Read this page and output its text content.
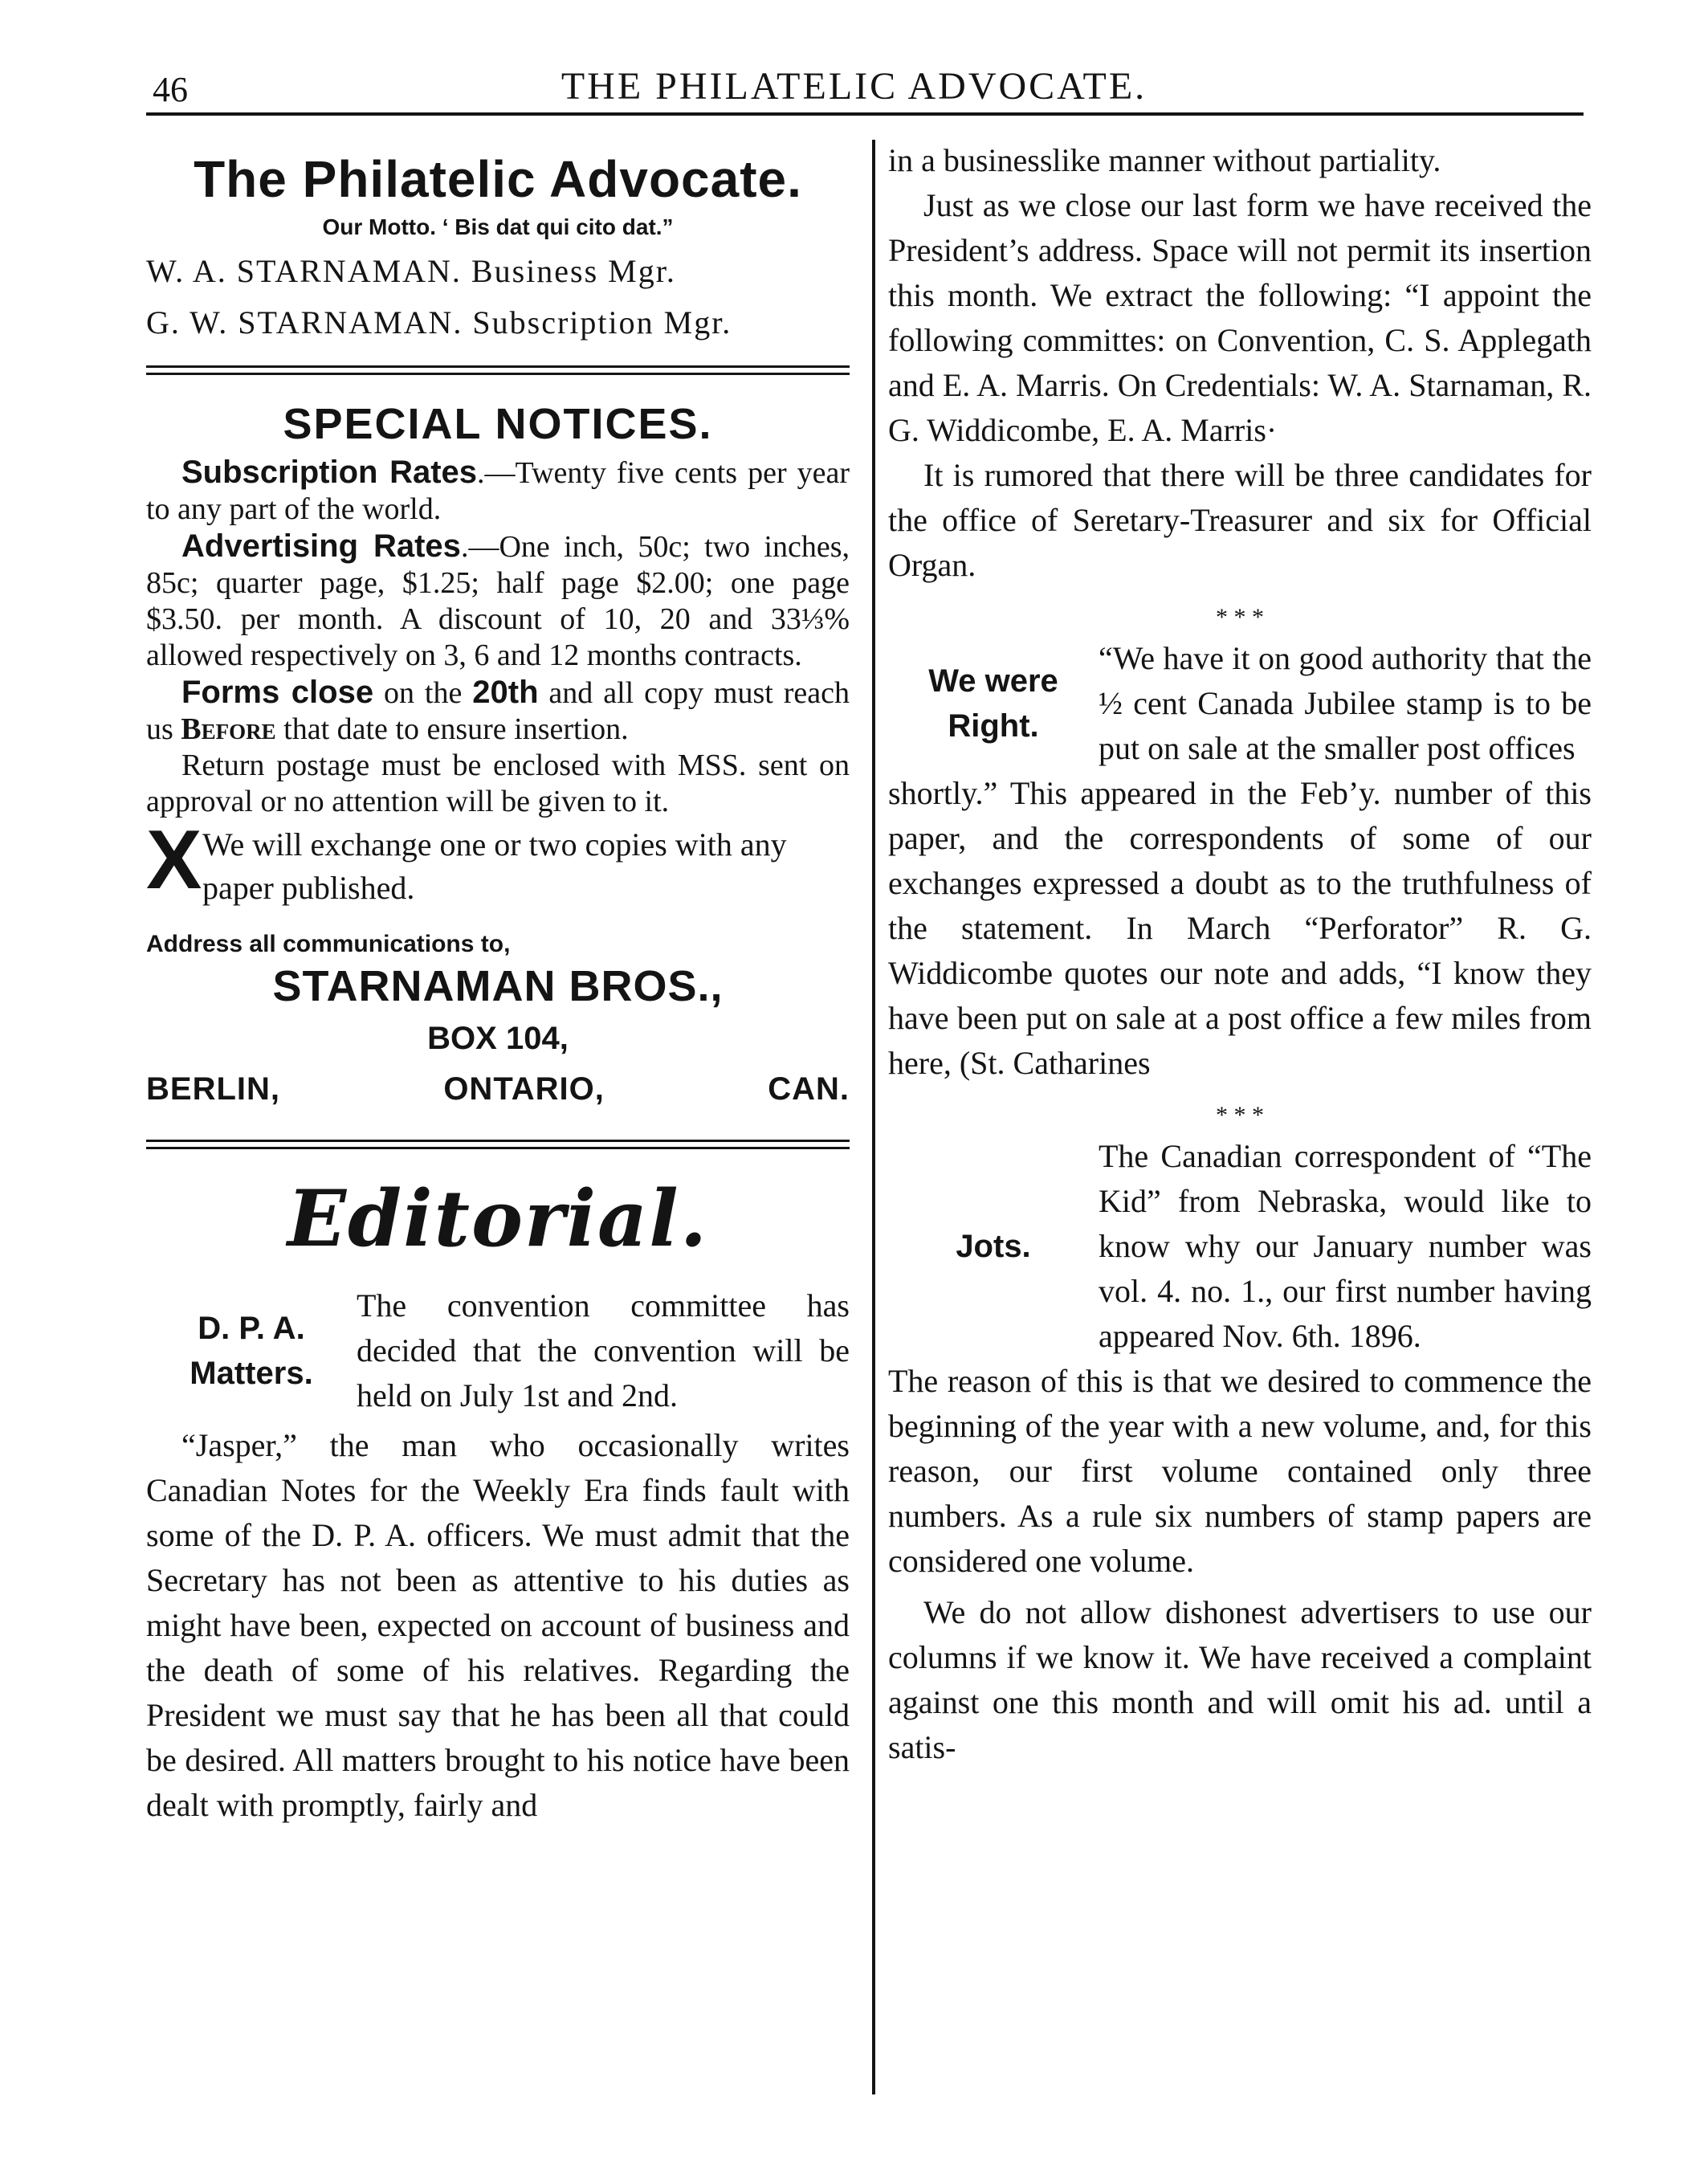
46	THE PHILATELIC ADVOCATE.
The Philatelic Advocate.
Our Motto. ‘ Bis dat qui cito dat.”
W. A. STARNAMAN. Business Mgr.
G. W. STARNAMAN. Subscription Mgr.
SPECIAL NOTICES.

Subscription Rates.—Twenty five cents per year to any part of the world.

Advertising Rates.—One inch, 50c; two inches, 85c; quarter page, $1.25; half page $2.00; one page $3.50. per month. A discount of 10, 20 and 33⅓% allowed respectively on 3, 6 and 12 months contracts.

Forms close on the 20th and all copy must reach us Before that date to ensure insertion.

Return postage must be enclosed with MSS. sent on approval or no attention will be given to it.

X We will exchange one or two copies with any paper published.
Address all communications to,
STARNAMAN BROS.,
BOX 104,
BERLIN,	ONTARIO,	CAN.
Editorial.
D. P. A.
Matters.
The convention committee has decided that the convention will be held on July 1st and 2nd.

“Jasper,” the man who occasionally writes Canadian Notes for the Weekly Era finds fault with some of the D. P. A. officers. We must admit that the Secretary has not been as attentive to his duties as might have been, expected on account of business and the death of some of his relatives. Regarding the President we must say that he has been all that could be desired. All matters brought to his notice have been dealt with promptly, fairly and

in a businesslike manner without partiality.

Just as we close our last form we have received the President’s address. Space will not permit its insertion this month. We extract the following: “I appoint the following committes: on Convention, C. S. Applegath and E. A. Marris. On Credentials: W. A. Starnaman, R. G. Widdicombe, E. A. Marris·

It is rumored that there will be three candidates for the office of Seretary-Treasurer and six for Official Organ.

* * *
We were
Right.
“We have it on good authority that the ½ cent Canada Jubilee stamp is to be put on sale at the smaller post offices

shortly.” This appeared in the Feb’y. number of this paper, and the correspondents of some of our exchanges expressed a doubt as to the truthfulness of the statement. In March “Perforator” R. G. Widdicombe quotes our note and adds, “I know they have been put on sale at a post office a few miles from here, (St. Catharines

* * *
Jots.
The Canadian correspondent of “The Kid” from Nebraska, would like to know why our January number was vol. 4. no. 1., our first number having appeared Nov. 6th. 1896.

The reason of this is that we desired to commence the beginning of the year with a new volume, and, for this reason, our first volume contained only three numbers. As a rule six numbers of stamp papers are considered one volume.

We do not allow dishonest advertisers to use our columns if we know it. We have received a complaint against one this month and will omit his ad. until a satis-
